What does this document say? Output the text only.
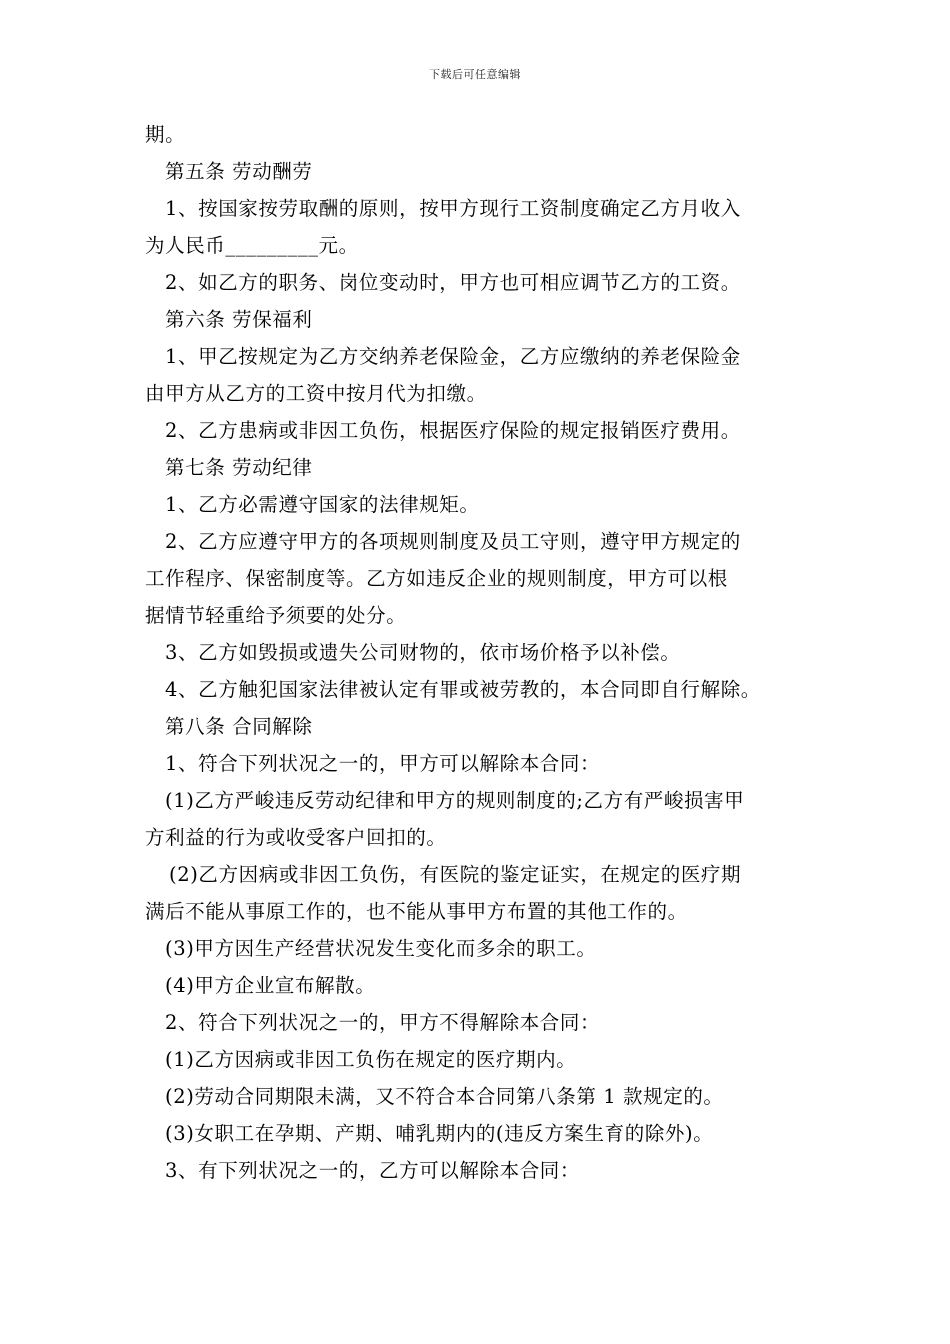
下载后可任意编辑
期。
第五条 劳动酬劳
1、按国家按劳取酬的原则，按甲方现行工资制度确定乙方月收入
为人民币_________元。
2、如乙方的职务、岗位变动时，甲方也可相应调节乙方的工资。
第六条 劳保福利
1、甲乙按规定为乙方交纳养老保险金，乙方应缴纳的养老保险金
由甲方从乙方的工资中按月代为扣缴。
2、乙方患病或非因工负伤，根据医疗保险的规定报销医疗费用。
第七条 劳动纪律
1、乙方必需遵守国家的法律规矩。
2、乙方应遵守甲方的各项规则制度及员工守则，遵守甲方规定的
工作程序、保密制度等。乙方如违反企业的规则制度，甲方可以根
据情节轻重给予须要的处分。
3、乙方如毁损或遗失公司财物的，依市场价格予以补偿。
4、乙方触犯国家法律被认定有罪或被劳教的，本合同即自行解除。
第八条 合同解除
1、符合下列状况之一的，甲方可以解除本合同：
(1)乙方严峻违反劳动纪律和甲方的规则制度的;乙方有严峻损害甲
方利益的行为或收受客户回扣的。
(2)乙方因病或非因工负伤，有医院的鉴定证实，在规定的医疗期
满后不能从事原工作的，也不能从事甲方布置的其他工作的。
(3)甲方因生产经营状况发生变化而多余的职工。
(4)甲方企业宣布解散。
2、符合下列状况之一的，甲方不得解除本合同：
(1)乙方因病或非因工负伤在规定的医疗期内。
(2)劳动合同期限未满，又不符合本合同第八条第 1 款规定的。
(3)女职工在孕期、产期、哺乳期内的(违反方案生育的除外)。
3、有下列状况之一的，乙方可以解除本合同：
